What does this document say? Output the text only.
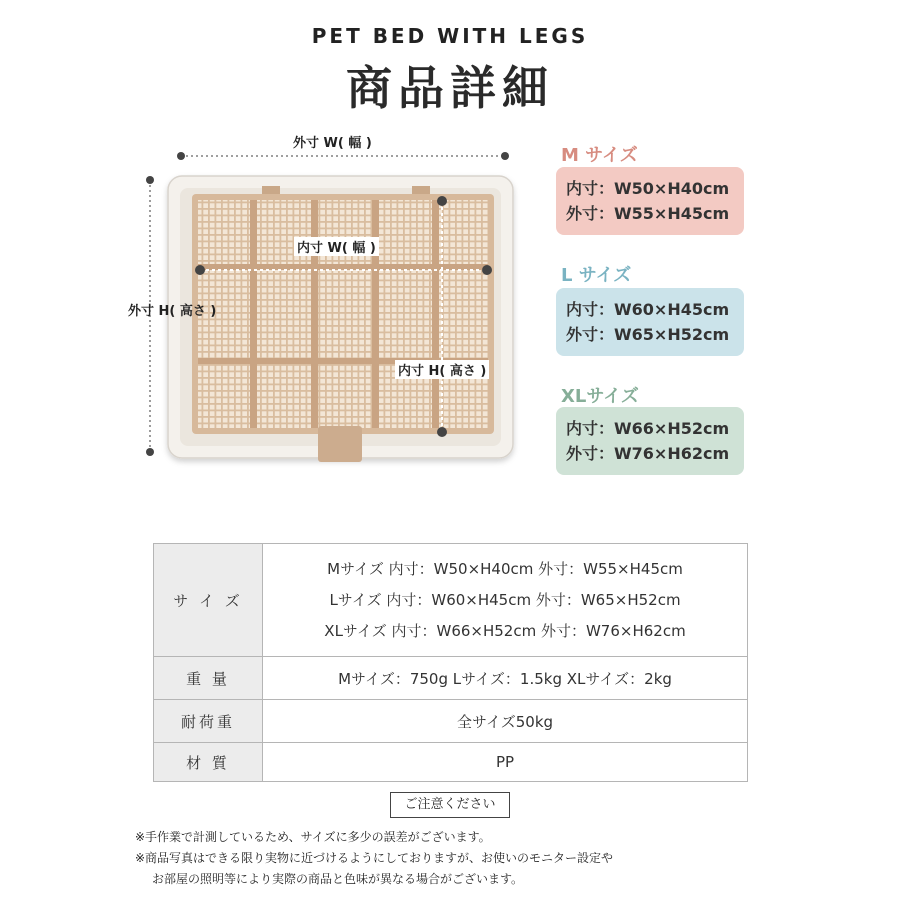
PET BED WITH LEGS
商品詳細
外寸 W( 幅 )
外寸 H( 高さ )
内寸 W( 幅 )
内寸 H( 高さ )
M サイズ
内寸：W50×H40cm
外寸：W55×H45cm
L サイズ
内寸：W60×H45cm
外寸：W65×H52cm
XLサイズ
内寸：W66×H52cm
外寸：W76×H62cm
サ イ ズ	Mサイズ 内寸：W50×H40cm 外寸：W55×H45cm
Lサイズ 内寸：W60×H45cm 外寸：W65×H52cm
XLサイズ 内寸：W66×H52cm 外寸：W76×H62cm

重 量	Mサイズ：750g Lサイズ：1.5kg XLサイズ：2kg
耐荷重	全サイズ50kg
材 質	PP
ご注意ください
※手作業で計測しているため、サイズに多少の誤差がございます。
※商品写真はできる限り実物に近づけるようにしておりますが、お使いのモニター設定や
お部屋の照明等により実際の商品と色味が異なる場合がございます。
